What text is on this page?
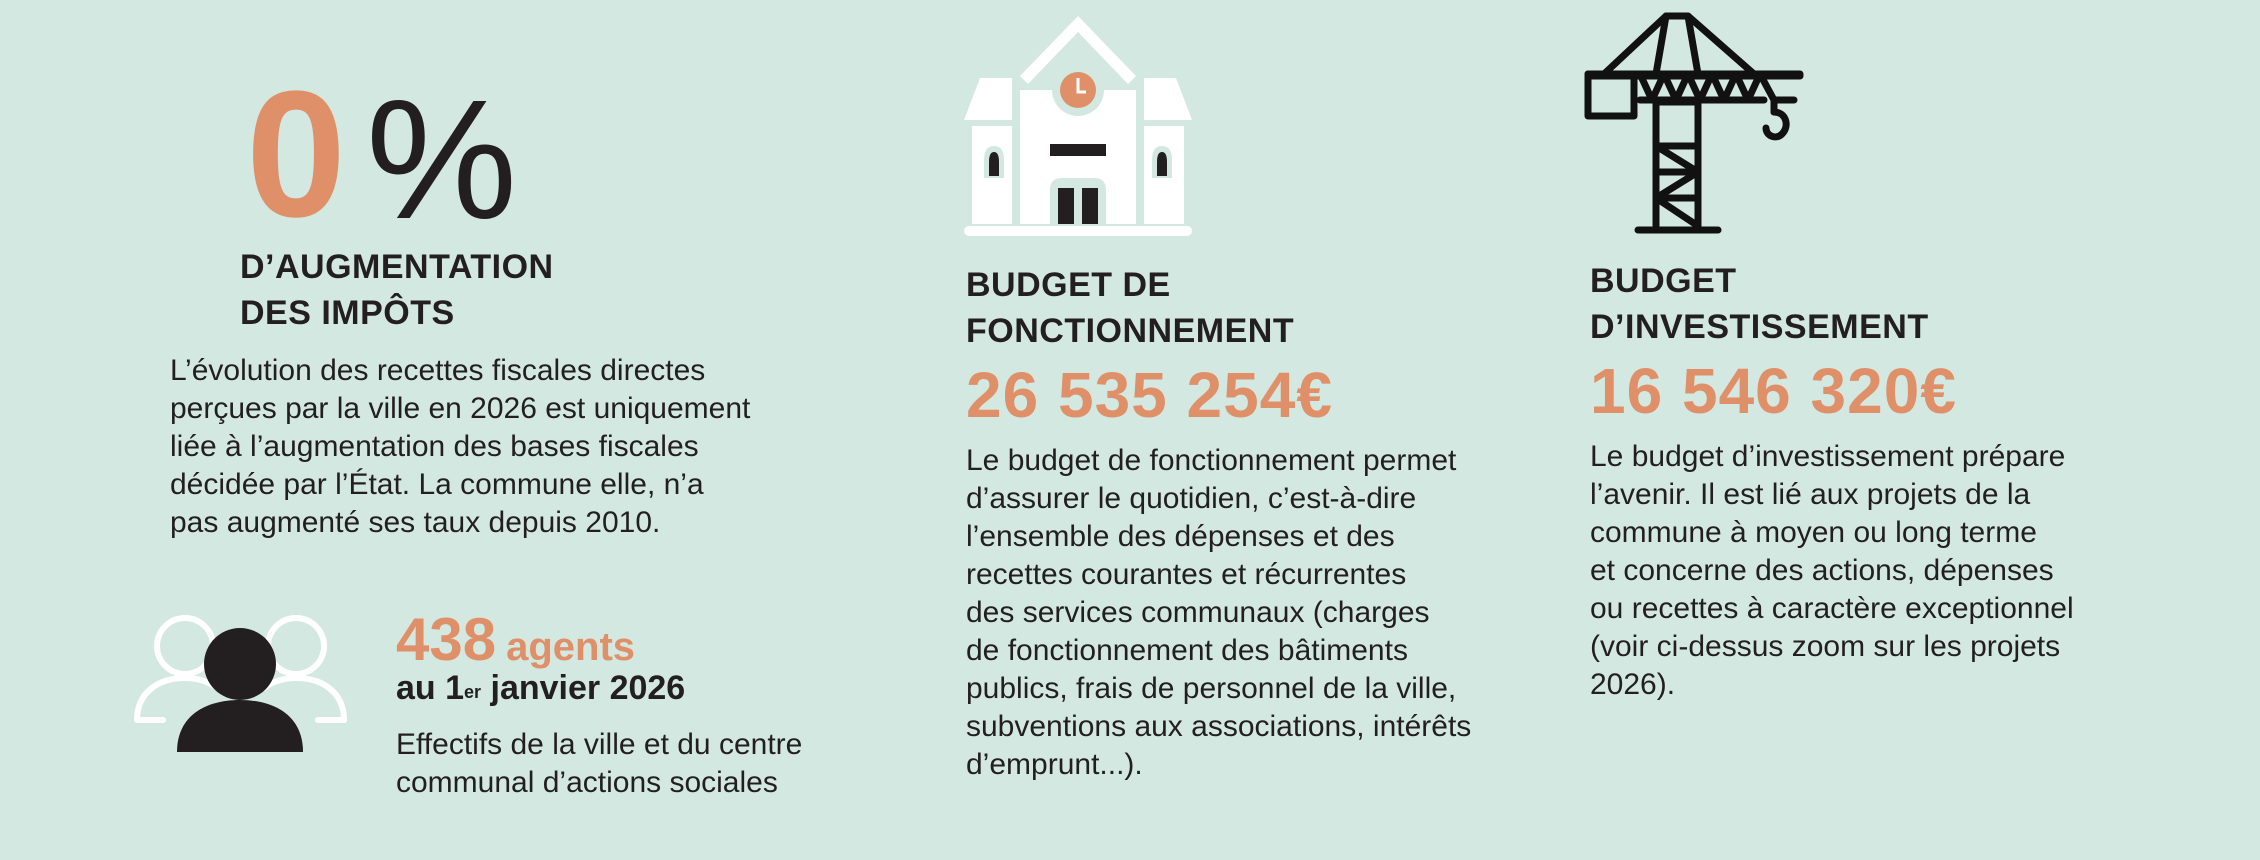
0 %
D’AUGMENTATION
DES IMPÔTS

L’évolution des recettes fiscales directes
perçues par la ville en 2026 est uniquement
liée à l’augmentation des bases fiscales
décidée par l’État. La commune elle, n’a
pas augmenté ses taux depuis 2010.

438 agents
au 1er janvier 2026

Effectifs de la ville et du centre
communal d’actions sociales

BUDGET DE
FONCTIONNEMENT
26 535 254€

Le budget de fonctionnement permet
d’assurer le quotidien, c’est-à-dire
l’ensemble des dépenses et des
recettes courantes et récurrentes
des services communaux (charges
de fonctionnement des bâtiments
publics, frais de personnel de la ville,
subventions aux associations, intérêts
d’emprunt...).

BUDGET
D’INVESTISSEMENT
16 546 320€

Le budget d’investissement prépare
l’avenir. Il est lié aux projets de la
commune à moyen ou long terme
et concerne des actions, dépenses
ou recettes à caractère exceptionnel
(voir ci-dessus zoom sur les projets
2026).
